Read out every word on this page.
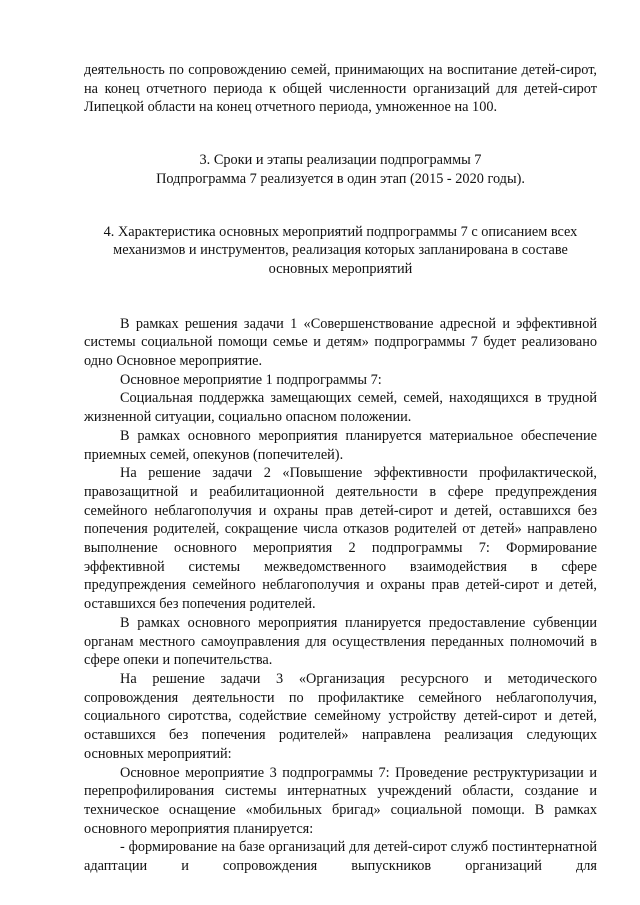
деятельность по сопровождению семей, принимающих на воспитание детей-сирот, на конец отчетного периода к общей численности организаций для детей-сирот Липецкой области на конец отчетного периода, умноженное на 100.

3. Сроки и этапы реализации подпрограммы 7

Подпрограмма 7 реализуется в один этап (2015 - 2020 годы).

4. Характеристика основных мероприятий подпрограммы 7 с описанием всех механизмов и инструментов, реализация которых запланирована в составе основных мероприятий

В рамках решения задачи 1 «Совершенствование адресной и эффективной системы социальной помощи семье и детям» подпрограммы 7 будет реализовано одно Основное мероприятие.

Основное мероприятие 1 подпрограммы 7:

Социальная поддержка замещающих семей, семей, находящихся в трудной жизненной ситуации, социально опасном положении.

В рамках основного мероприятия планируется материальное обеспечение приемных семей, опекунов (попечителей).

На решение задачи 2 «Повышение эффективности профилактической, правозащитной и реабилитационной деятельности в сфере предупреждения семейного неблагополучия и охраны прав детей-сирот и детей, оставшихся без попечения родителей, сокращение числа отказов родителей от детей» направлено выполнение основного мероприятия 2 подпрограммы 7: Формирование эффективной системы межведомственного взаимодействия в сфере предупреждения семейного неблагополучия и охраны прав детей-сирот и детей, оставшихся без попечения родителей.

В рамках основного мероприятия планируется предоставление субвенции органам местного самоуправления для осуществления переданных полномочий в сфере опеки и попечительства.

На решение задачи 3 «Организация ресурсного и методического сопровождения деятельности по профилактике семейного неблагополучия, социального сиротства, содействие семейному устройству детей-сирот и детей, оставшихся без попечения родителей» направлена реализация следующих основных мероприятий:

Основное мероприятие 3 подпрограммы 7: Проведение реструктуризации и перепрофилирования системы интернатных учреждений области, создание и техническое оснащение «мобильных бригад» социальной помощи. В рамках основного мероприятия планируется:

- формирование на базе организаций для детей-сирот служб постинтернатной адаптации и сопровождения выпускников организаций для
